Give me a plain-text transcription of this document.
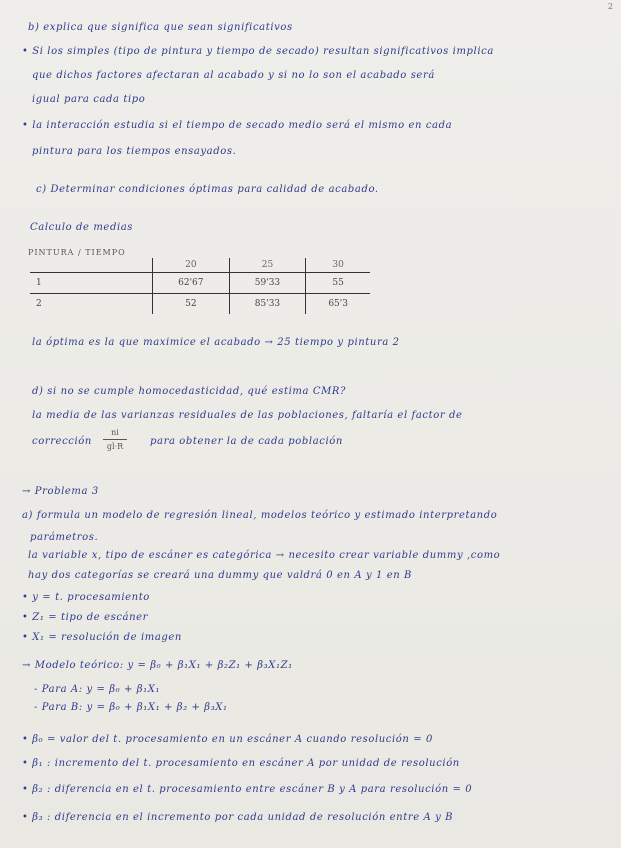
2
b) explica que significa que sean significativos
• Si los simples (tipo de pintura y tiempo de secado) resultan significativos implica
que dichos factores afectaran al acabado y si no lo son el acabado será
igual para cada tipo
• la interacción estudia si el tiempo de secado medio será el mismo en cada
pintura para los tiempos ensayados.
c) Determinar condiciones óptimas para calidad de acabado.
Calculo de medias
la óptima es la que maximice el acabado → 25 tiempo y pintura 2
d) si no se cumple homocedasticidad, qué estima CMR?
la media de las varianzas residuales de las poblaciones, faltaría el factor de
corrección	para obtener la de cada población
→ Problema 3
a) formula un modelo de regresión lineal, modelos teórico y estimado interpretando
parámetros.
la variable x, tipo de escáner es categórica → necesito crear variable dummy ,como
hay dos categorías se creará una dummy que valdrá 0 en A y 1 en B
• y = t. procesamiento
• Z₁ = tipo de escáner
• X₁ = resolución de imagen
→ Modelo teórico: y = β₀ + β₁X₁ + β₂Z₁ + β₃X₁Z₁
- Para A: y = β₀ + β₁X₁
- Para B: y = β₀ + β₁X₁ + β₂ + β₃X₁
• β₀ = valor del t. procesamiento en un escáner A cuando resolución = 0
• β₁ : incremento del t. procesamiento en escáner A por unidad de resolución
• β₂ : diferencia en el t. procesamiento entre escáner B y A para resolución = 0
• β₃ : diferencia en el incremento por cada unidad de resolución entre A y B
PINTURA / TIEMPO
	20	25	30
1	62'67	59'33	55
2	52	85'33	65'3
ni
gl·R
